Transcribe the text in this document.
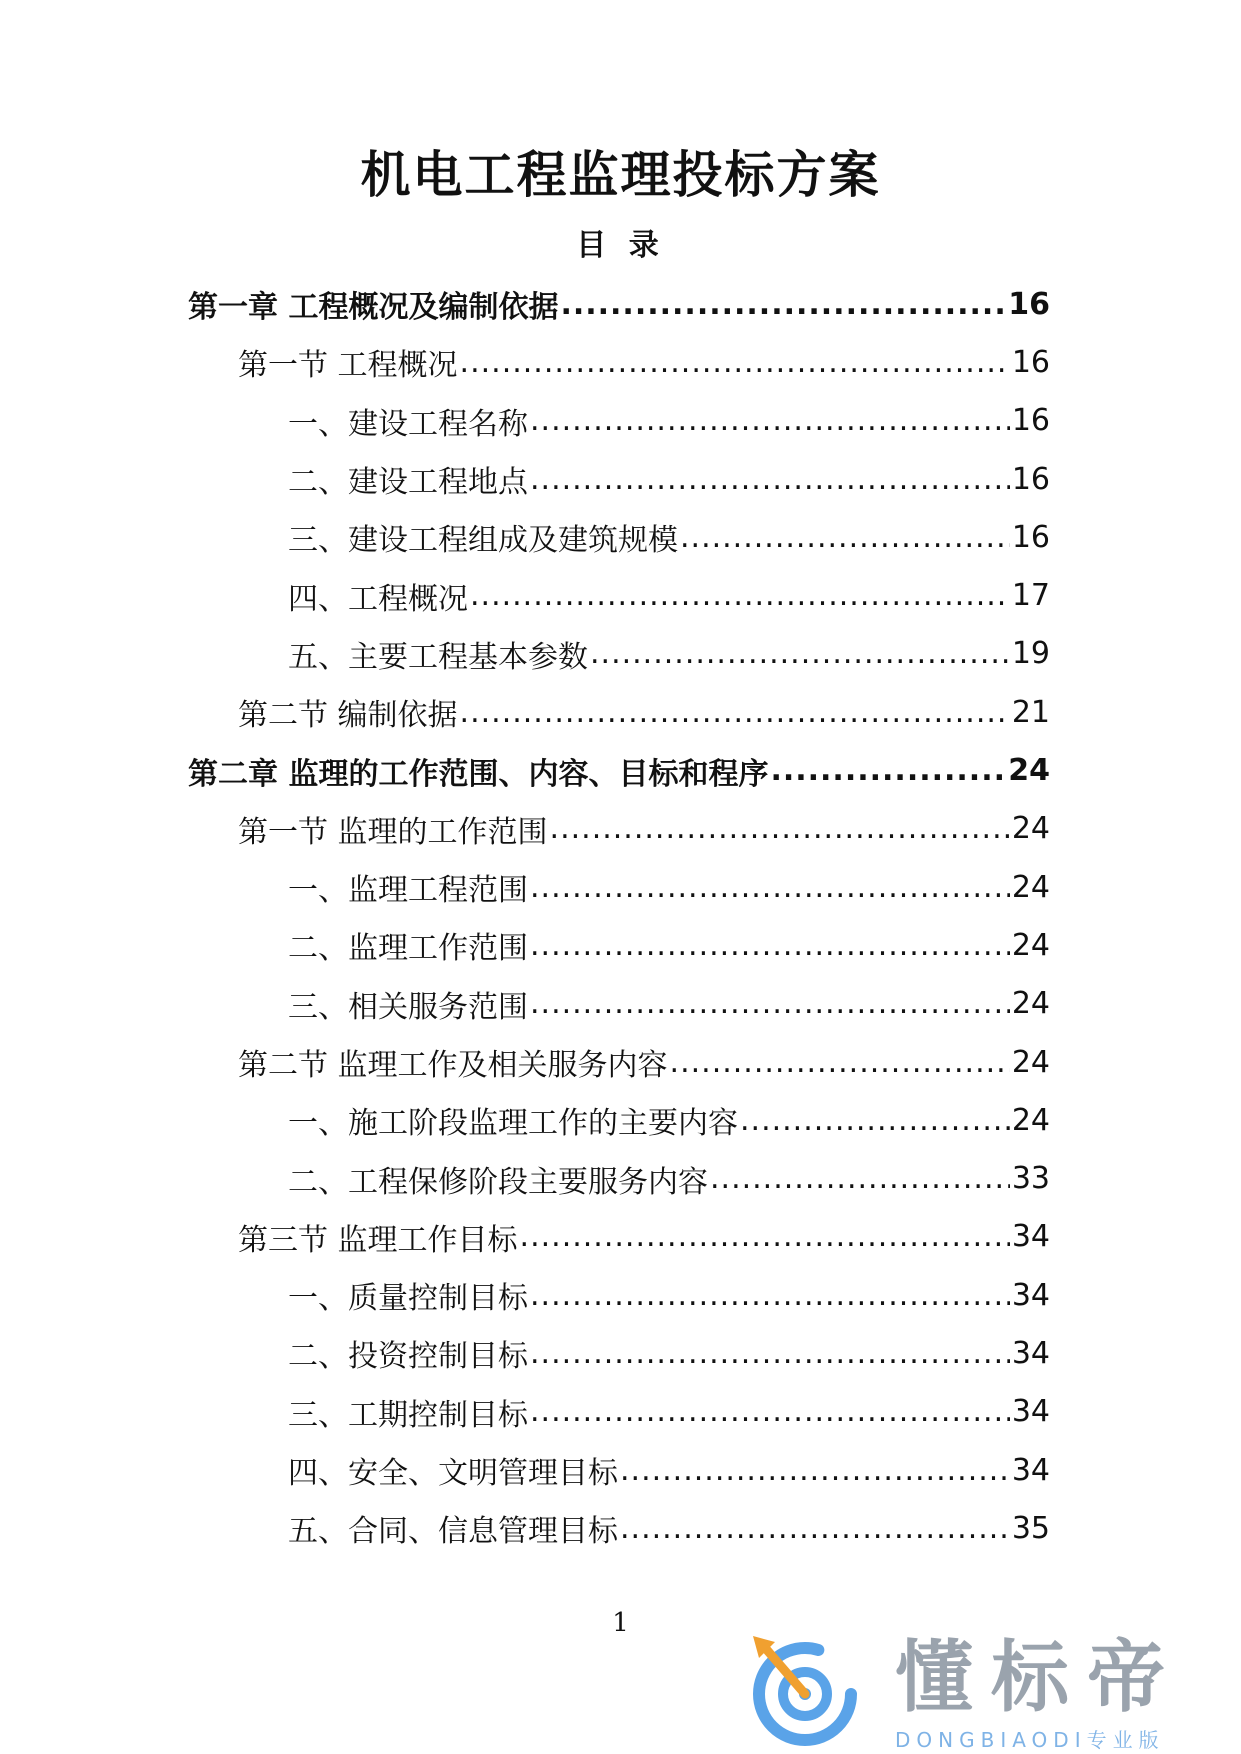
机电工程监理投标方案
目 录
第一章 工程概况及编制依据 .....	16
第一节 工程概况 .....	16
一、建设工程名称 .....	16
二、建设工程地点 .....	16
三、建设工程组成及建筑规模 .....	16
四、工程概况 .....	17
五、主要工程基本参数 .....	19
第二节 编制依据 .....	21
第二章 监理的工作范围、内容、目标和程序 .....	24
第一节 监理的工作范围 .....	24
一、监理工程范围 .....	24
二、监理工作范围 .....	24
三、相关服务范围 .....	24
第二节 监理工作及相关服务内容 .....	24
一、施工阶段监理工作的主要内容 .....	24
二、工程保修阶段主要服务内容 .....	33
第三节 监理工作目标 .....	34
一、质量控制目标 .....	34
二、投资控制目标 .....	34
三、工期控制目标 .....	34
四、安全、文明管理目标 .....	34
五、合同、信息管理目标 .....	35
1
懂标帝
DONGBIAODI专业版
